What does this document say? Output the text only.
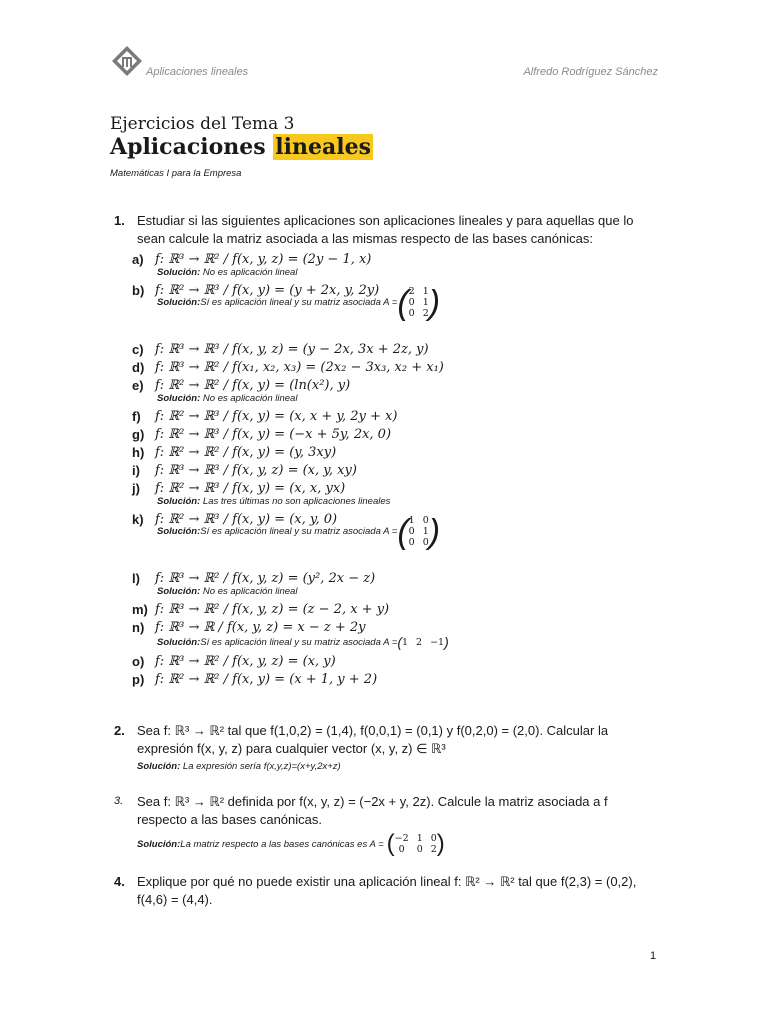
Aplicaciones lineales	Alfredo Rodríguez Sánchez
Ejercicios del Tema 3
Aplicaciones lineales
Matemáticas I para la Empresa
1. Estudiar si las siguientes aplicaciones son aplicaciones lineales y para aquellas que lo sean calcule la matriz asociada a las mismas respecto de las bases canónicas:
a) f: ℝ³ → ℝ² / f(x, y, z) = (2y − 1, x)
Solución: No es aplicación lineal
b) f: ℝ² → ℝ³ / f(x, y) = (y + 2x, y, 2y)
Solución: Sí es aplicación lineal y su matriz asociada A = ( 2 1
0 1
0 2 )
c) f: ℝ³ → ℝ³ / f(x, y, z) = (y − 2x, 3x + 2z, y)
d) f: ℝ³ → ℝ² / f(x₁, x₂, x₃) = (2x₂ − 3x₃, x₂ + x₁)
e) f: ℝ² → ℝ² / f(x, y) = (ln(x²), y)
Solución: No es aplicación lineal
f) f: ℝ² → ℝ³ / f(x, y) = (x, x + y, 2y + x)
g) f: ℝ² → ℝ³ / f(x, y) = (−x + 5y, 2x, 0)
h) f: ℝ² → ℝ² / f(x, y) = (y, 3xy)
i) f: ℝ³ → ℝ³ / f(x, y, z) = (x, y, xy)
j) f: ℝ² → ℝ³ / f(x, y) = (x, x, yx)
Solución: Las tres últimas no son aplicaciones lineales
k) f: ℝ² → ℝ³ / f(x, y) = (x, y, 0)
Solución: Sí es aplicación lineal y su matriz asociada A = ( 1 0
0 1
0 0 )
l) f: ℝ³ → ℝ² / f(x, y, z) = (y², 2x − z)
Solución: No es aplicación lineal
m) f: ℝ³ → ℝ² / f(x, y, z) = (z − 2, x + y)
n) f: ℝ³ → ℝ / f(x, y, z) = x − z + 2y
Solución: Sí es aplicación lineal y su matriz asociada A = ( 1 2 −1 )
o) f: ℝ³ → ℝ² / f(x, y, z) = (x, y)
p) f: ℝ² → ℝ² / f(x, y) = (x + 1, y + 2)
2. Sea f: ℝ³ → ℝ² tal que f(1,0,2) = (1,4), f(0,0,1) = (0,1) y f(0,2,0) = (2,0). Calcular la expresión f(x, y, z) para cualquier vector (x, y, z) ∈ ℝ³
Solución: La expresión sería f(x,y,z)=(x+y,2x+z)
3. Sea f: ℝ³ → ℝ² definida por f(x, y, z) = (−2x + y, 2z). Calcule la matriz asociada a f respecto a las bases canónicas.
Solución: La matriz respecto a las bases canónicas es A = ( −2 1 0
0	0 2 )
4. Explique por qué no puede existir una aplicación lineal f: ℝ² → ℝ² tal que f(2,3) = (0,2), f(4,6) = (4,4).
1
